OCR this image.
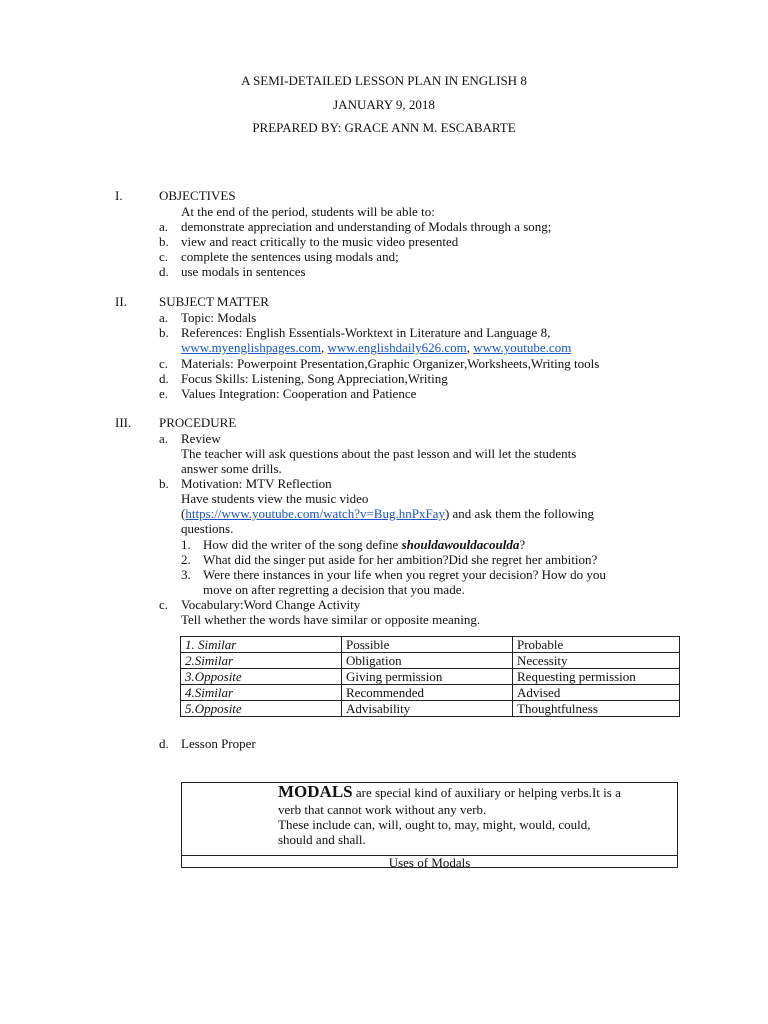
A SEMI-DETAILED LESSON PLAN IN ENGLISH 8
JANUARY 9, 2018
PREPARED BY: GRACE ANN M. ESCABARTE
I.	OBJECTIVES
At the end of the period, students will be able to:
a. demonstrate appreciation and understanding of Modals through a song;
b. view and react critically to the music video presented
c. complete the sentences using modals and;
d. use modals in sentences
II. SUBJECT MATTER
a. Topic: Modals
b. References: English Essentials-Worktext in Literature and Language 8,
www.myenglishpages.com, www.englishdaily626.com, www.youtube.com
c. Materials: Powerpoint Presentation,Graphic Organizer,Worksheets,Writing tools
d. Focus Skills: Listening, Song Appreciation,Writing
e. Values Integration: Cooperation and Patience
III. PROCEDURE
a. Review
The teacher will ask questions about the past lesson and will let the students
answer some drills.
b. Motivation: MTV Reflection
Have students view the music video
(https://www.youtube.com/watch?v=Bug.hnPxFay) and ask them the following
questions.
1. How did the writer of the song define shouldawouldacoulda?
2. What did the singer put aside for her ambition?Did she regret her ambition?
3. Were there instances in your life when you regret your decision? How do you
move on after regretting a decision that you made.
c. Vocabulary:Word Change Activity
Tell whether the words have similar or opposite meaning.
1. Similar	Possible	Probable
2.Similar	Obligation	Necessity
3.Opposite	Giving permission	Requesting permission
4.Similar	Recommended	Advised
5.Opposite	Advisability	Thoughtfulness
d. Lesson Proper
MODALS are special kind of auxiliary or helping verbs.It is a
verb that cannot work without any verb.
These include can, will, ought to, may, might, would, could,
should and shall.
Uses of Modals
